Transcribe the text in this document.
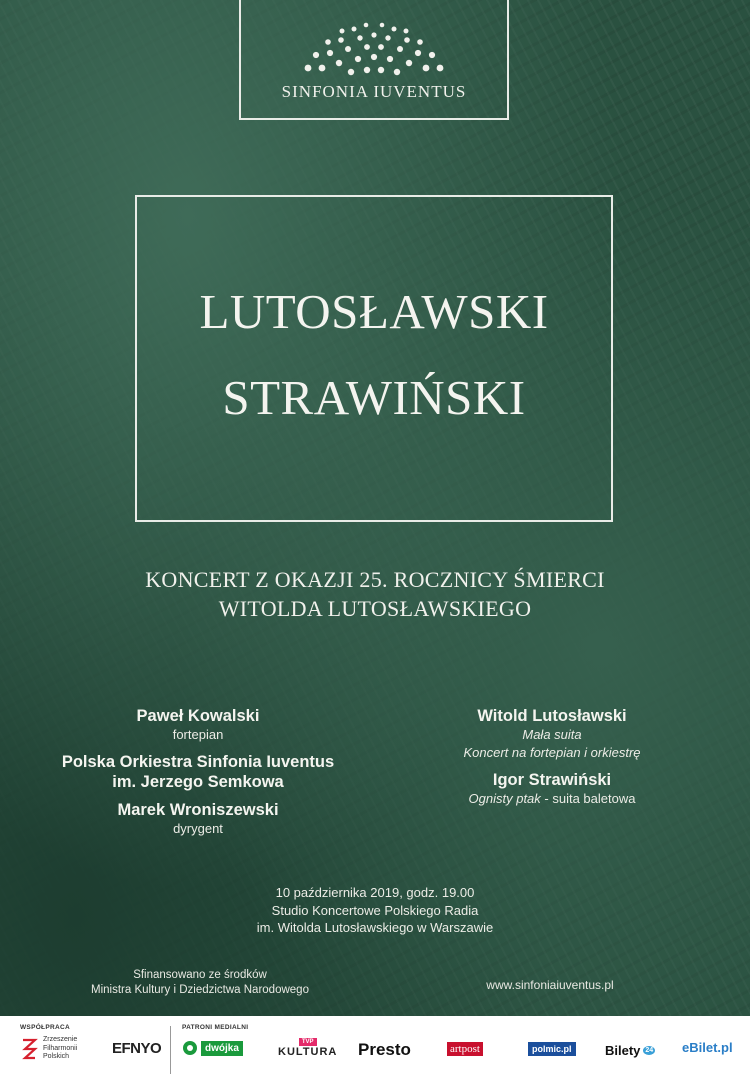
SINFONIA IUVENTUS
LUTOSŁAWSKI
STRAWIŃSKI
KONCERT Z OKAZJI 25. ROCZNICY ŚMIERCI
WITOLDA LUTOSŁAWSKIEGO
Paweł Kowalski
fortepian
Polska Orkiestra Sinfonia Iuventus
im. Jerzego Semkowa
Marek Wroniszewski
dyrygent
Witold Lutosławski
Mała suita
Koncert na fortepian i orkiestrę
Igor Strawiński
Ognisty ptak - suita baletowa
10 października 2019, godz. 19.00
Studio Koncertowe Polskiego Radia
im. Witolda Lutosławskiego w Warszawie
Sfinansowano ze środków
Ministra Kultury i Dziedzictwa Narodowego	www.sinfoniaiuventus.pl
WSPÓŁPRACA	PATRONI MEDIALNI
Zrzeszenie
Filharmonii
Polskich	EFNYO	dwójka
TVP
KULTURA Presto	artpost	polmic.pl	Bilety 24 eBilet.pl
